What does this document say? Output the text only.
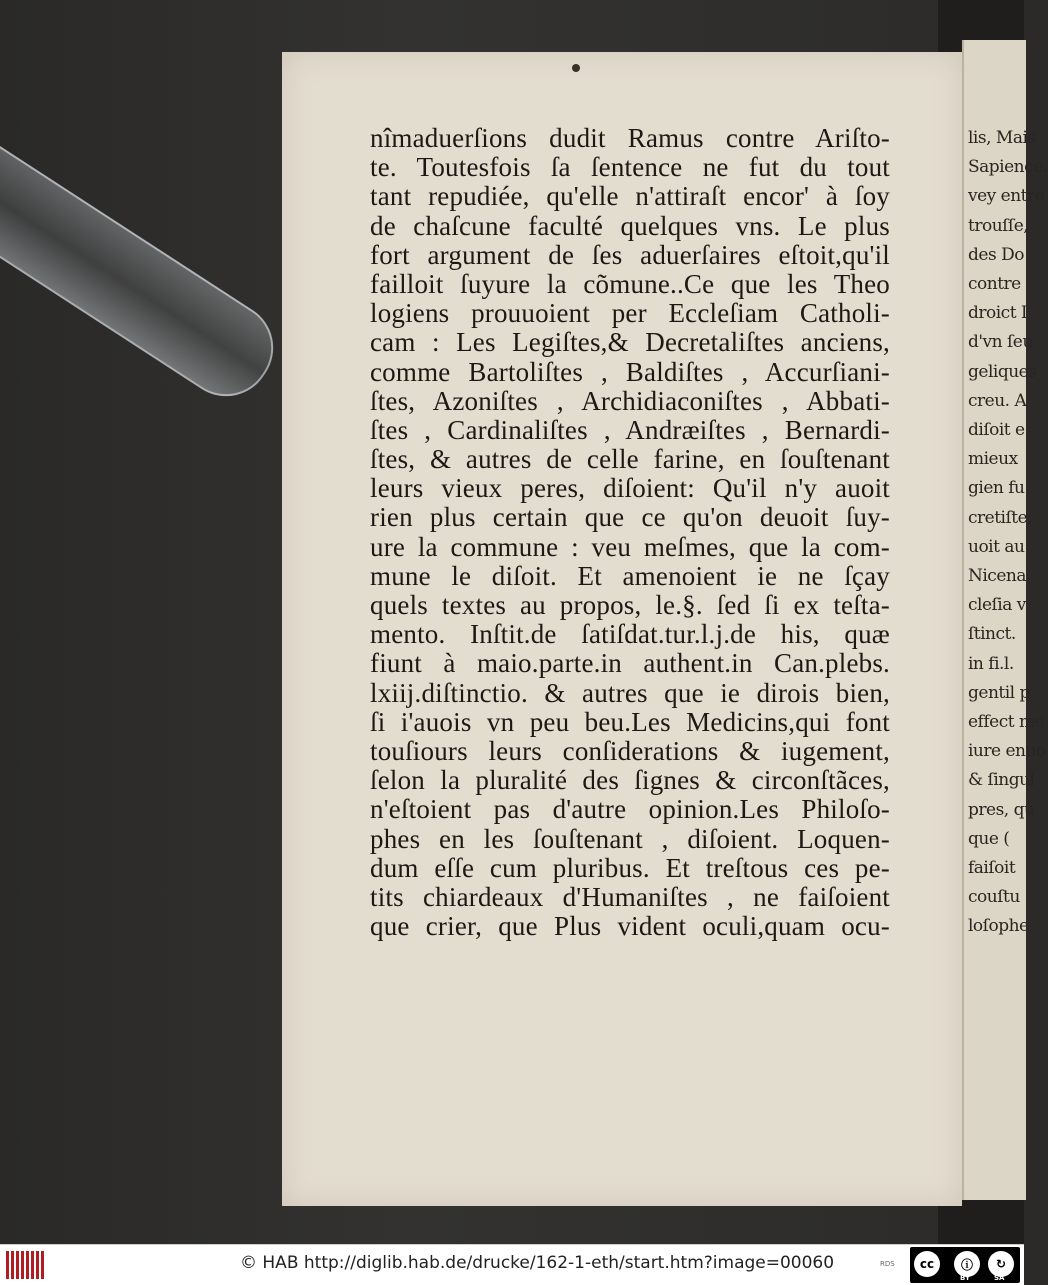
lis, Mais
Sapience.
vey entre
trouſſe,
des Do
contre
droict I
d'vn ſeu
geliques
creu. A
diſoit e
mieux
gien fu
cretiſte,
uoit au
Nicena
cleſia v
ſtinct.
in fi.l.
gentil p
effect me
iure enuo
& ſingul
pres, qu
que (
faiſoit
couſtu
loſophe
nîmaduerſions dudit Ramus contre Ariſto-
te. Toutesfois ſa ſentence ne fut du tout
tant repudiée, qu'elle n'attiraſt encor' à ſoy
de chaſcune faculté quelques vns. Le plus
fort argument de ſes aduerſaires eſtoit,qu'il
failloit ſuyure la cõmune..Ce que les Theo
logiens prouuoient per Eccleſiam Catholi-
cam : Les Legiſtes,& Decretaliſtes anciens,
comme Bartoliſtes , Baldiſtes , Accurſiani-
ſtes, Azoniſtes , Archidiaconiſtes , Abbati-
ſtes , Cardinaliſtes , Andræiſtes , Bernardi-
ſtes, & autres de celle farine, en ſouſtenant
leurs vieux peres, diſoient: Qu'il n'y auoit
rien plus certain que ce qu'on deuoit ſuy-
ure la commune : veu meſmes, que la com-
mune le diſoit. Et amenoient ie ne ſçay
quels textes au propos, le.§. ſed ſi ex teſta-
mento. Inſtit.de ſatiſdat.tur.l.j.de his, quæ
fiunt à maio.parte.in authent.in Can.plebs.
lxiij.diſtinctio. & autres que ie dirois bien,
ſi i'auois vn peu beu.Les Medicins,qui font
touſiours leurs conſiderations & iugement,
ſelon la pluralité des ſignes & circonſtãces,
n'eſtoient pas d'autre opinion.Les Philoſo-
phes en les ſouſtenant , diſoient. Loquen-
dum eſſe cum pluribus. Et treſtous ces pe-
tits chiardeaux d'Humaniſtes , ne faiſoient
que crier, que Plus vident oculi,quam ocu-
© HAB http://diglib.hab.de/drucke/162-1-eth/start.htm?image=00060	RDS	cc	ⓘ	↻
BY	SA
